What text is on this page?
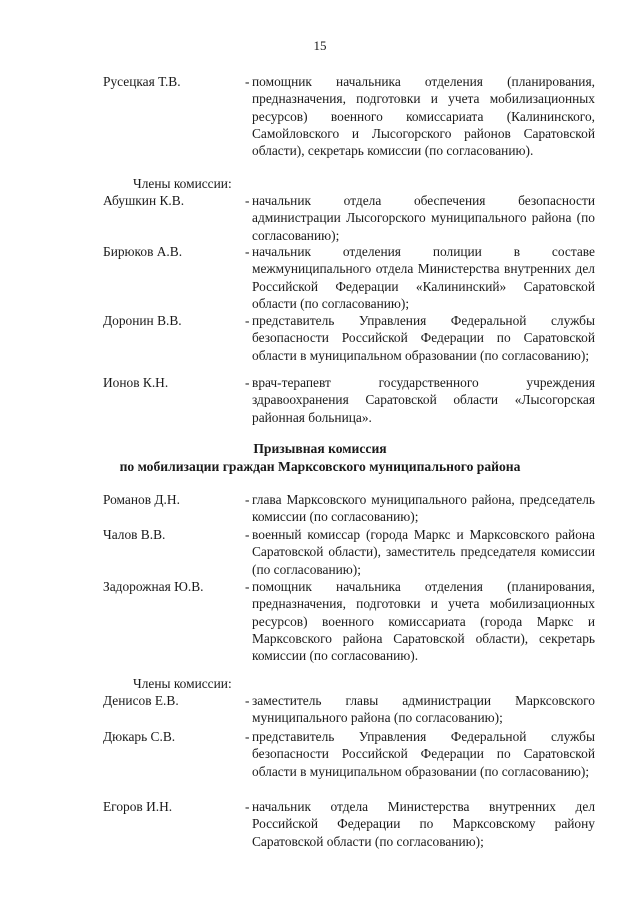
15
Русецкая Т.В.	- помощник начальника отделения (планирования, предназначения, подготовки и учета мобилизационных ресурсов) военного комиссариата (Калининского, Самойловского и Лысогорского районов Саратовской области), секретарь комиссии (по согласованию).
Члены комиссии:
Абушкин К.В.	- начальник отдела обеспечения безопасности администрации Лысогорского муниципального района (по согласованию);
Бирюков А.В.	- начальник отделения полиции в составе межмуниципального отдела Министерства внутренних дел Российской Федерации «Калининский» Саратовской области (по согласованию);
Доронин В.В.	- представитель Управления Федеральной службы безопасности Российской Федерации по Саратовской области в муниципальном образовании (по согласованию);
Ионов К.Н.	- врач-терапевт государственного учреждения здравоохранения Саратовской области «Лысогорская районная больница».
Призывная комиссия
по мобилизации граждан Марксовского муниципального района
Романов Д.Н.	- глава Марксовского муниципального района, председатель комиссии (по согласованию);
Чалов В.В.	- военный комиссар (города Маркс и Марксовского района Саратовской области), заместитель председателя комиссии (по согласованию);
Задорожная Ю.В.	- помощник начальника отделения (планирования, предназначения, подготовки и учета мобилизационных ресурсов) военного комиссариата (города Маркс и Марксовского района Саратовской области), секретарь комиссии (по согласованию).
Члены комиссии:
Денисов Е.В.	- заместитель главы администрации Марксовского муниципального района (по согласованию);
Дюкарь С.В.	- представитель Управления Федеральной службы безопасности Российской Федерации по Саратовской области в муниципальном образовании (по согласованию);
Егоров И.Н.	- начальник отдела Министерства внутренних дел Российской Федерации по Марксовскому району Саратовской области (по согласованию);
